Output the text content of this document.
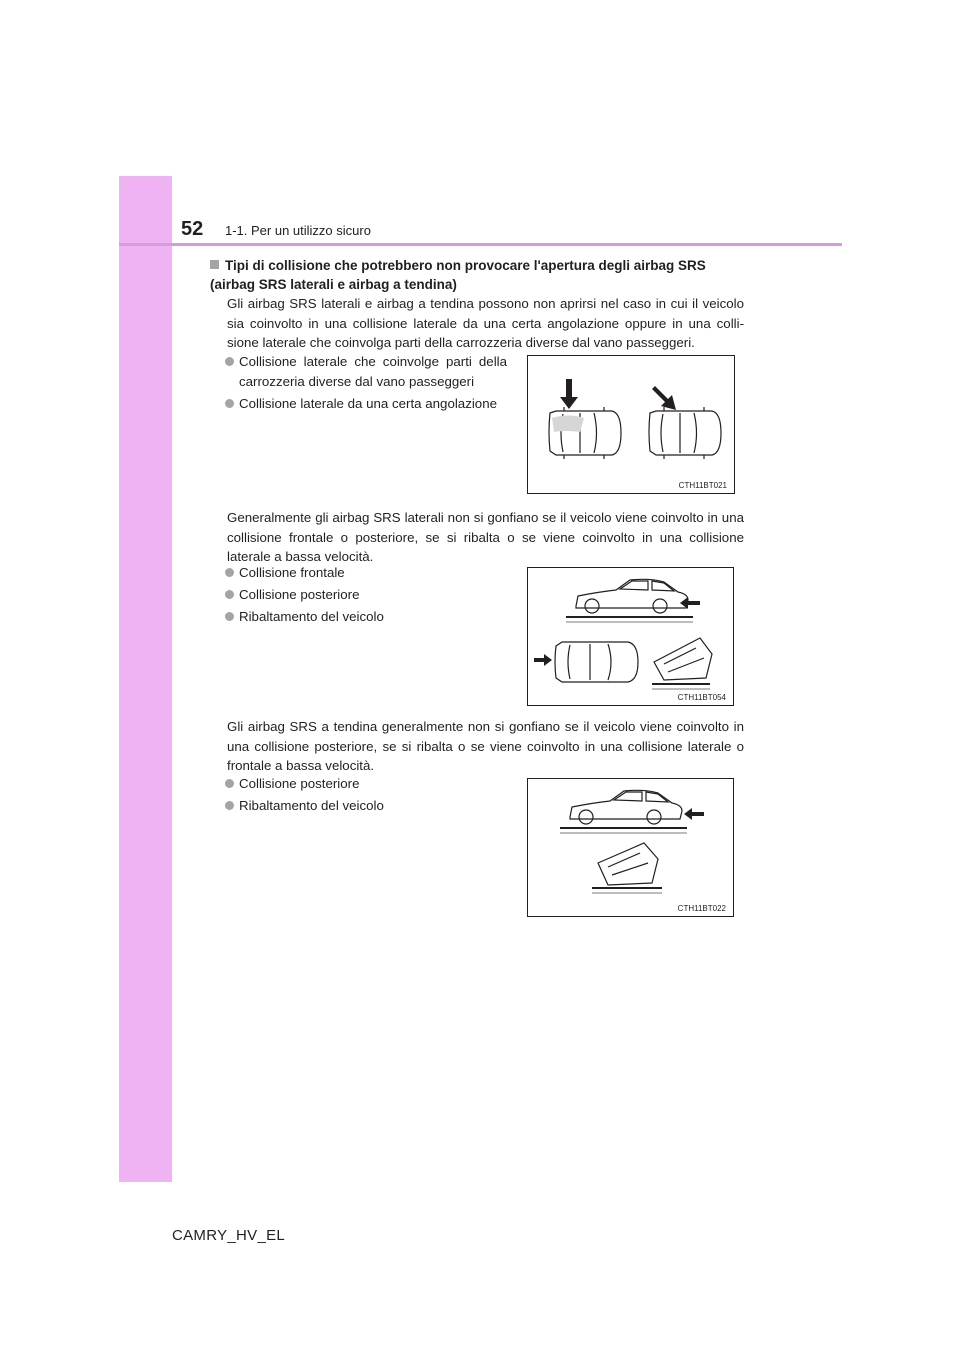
52 1-1. Per un utilizzo sicuro
Tipi di collisione che potrebbero non provocare l'apertura degli airbag SRS
(airbag SRS laterali e airbag a tendina)

Gli airbag SRS laterali e airbag a tendina possono non aprirsi nel caso in cui il veicolo sia coinvolto in una collisione laterale da una certa angolazione oppure in una colli-sione laterale che coinvolga parti della carrozzeria diverse dal vano passeggeri.

Collisione laterale che coinvolge parti della carrozzeria diverse dal vano passeggeri
Collisione laterale da una certa angolazione
CTH11BT021

Generalmente gli airbag SRS laterali non si gonfiano se il veicolo viene coinvolto in una collisione frontale o posteriore, se si ribalta o se viene coinvolto in una collisione laterale a bassa velocità.

Collisione frontale
Collisione posteriore
Ribaltamento del veicolo
CTH11BT054

Gli airbag SRS a tendina generalmente non si gonfiano se il veicolo viene coinvolto in una collisione posteriore, se si ribalta o se viene coinvolto in una collisione laterale o frontale a bassa velocità.

Collisione posteriore
Ribaltamento del veicolo
CTH11BT022
CAMRY_HV_EL
